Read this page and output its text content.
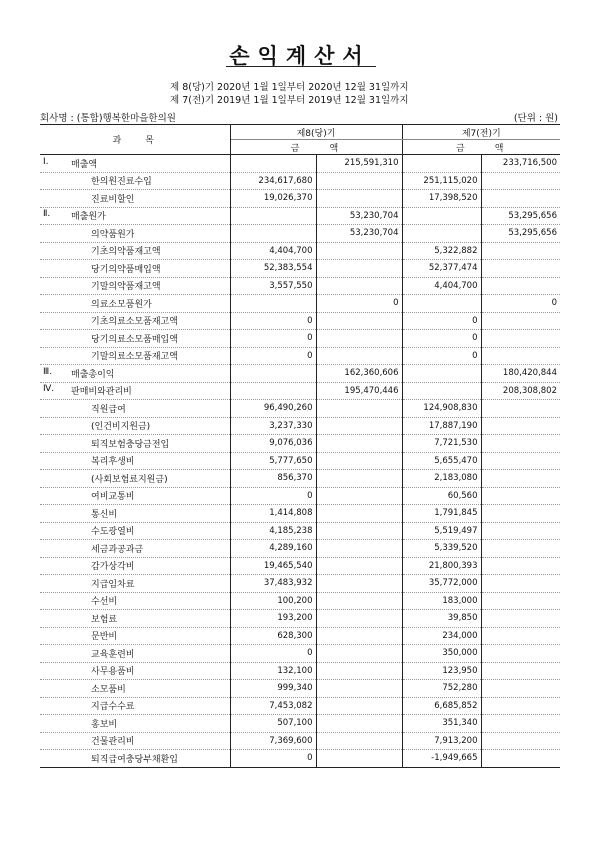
손익계산서
제 8(당)기 2020년 1월 1일부터 2020년 12월 31일까지
제 7(전)기 2019년 1월 1일부터 2019년 12월 31일까지
회사명 : (통합)행복한마을한의원	(단위 : 원)
과목	제8(당)기		제7(전)기	
	금액		금액	

Ⅰ. 매출액		215,591,310		233,716,500

한의원진료수입	234,617,680		251,115,020	

진료비할인	19,026,370		17,398,520	

Ⅱ. 매출원가		53,230,704		53,295,656

의약품원가		53,230,704		53,295,656

기초의약품재고액	4,404,700		5,322,882	

당기의약품매입액	52,383,554		52,377,474	

기말의약품재고액	3,557,550		4,404,700	

의료소모품원가		0		0

기초의료소모품재고액	0		0	

당기의료소모품매입액	0		0	

기말의료소모품재고액	0		0	

Ⅲ. 매출총이익		162,360,606		180,420,844

Ⅳ. 판매비와관리비		195,470,446		208,308,802

직원급여	96,490,260		124,908,830	

(인건비지원금)	3,237,330		17,887,190	

퇴직보험충당금전입	9,076,036		7,721,530	

복리후생비	5,777,650		5,655,470	

(사회보험료지원금)	856,370		2,183,080	

여비교통비	0		60,560	

통신비	1,414,808		1,791,845	

수도광열비	4,185,238		5,519,497	

세금과공과금	4,289,160		5,339,520	

감가상각비	19,465,540		21,800,393	

지급임차료	37,483,932		35,772,000	

수선비	100,200		183,000	

보험료	193,200		39,850	

문반비	628,300		234,000	

교육훈련비	0		350,000	

사무용품비	132,100		123,950	

소모품비	999,340		752,280	

지급수수료	7,453,082		6,685,852	

홍보비	507,100		351,340	

건물관리비	7,369,600		7,913,200	

퇴직급여충당부채환입	0		-1,949,665	
